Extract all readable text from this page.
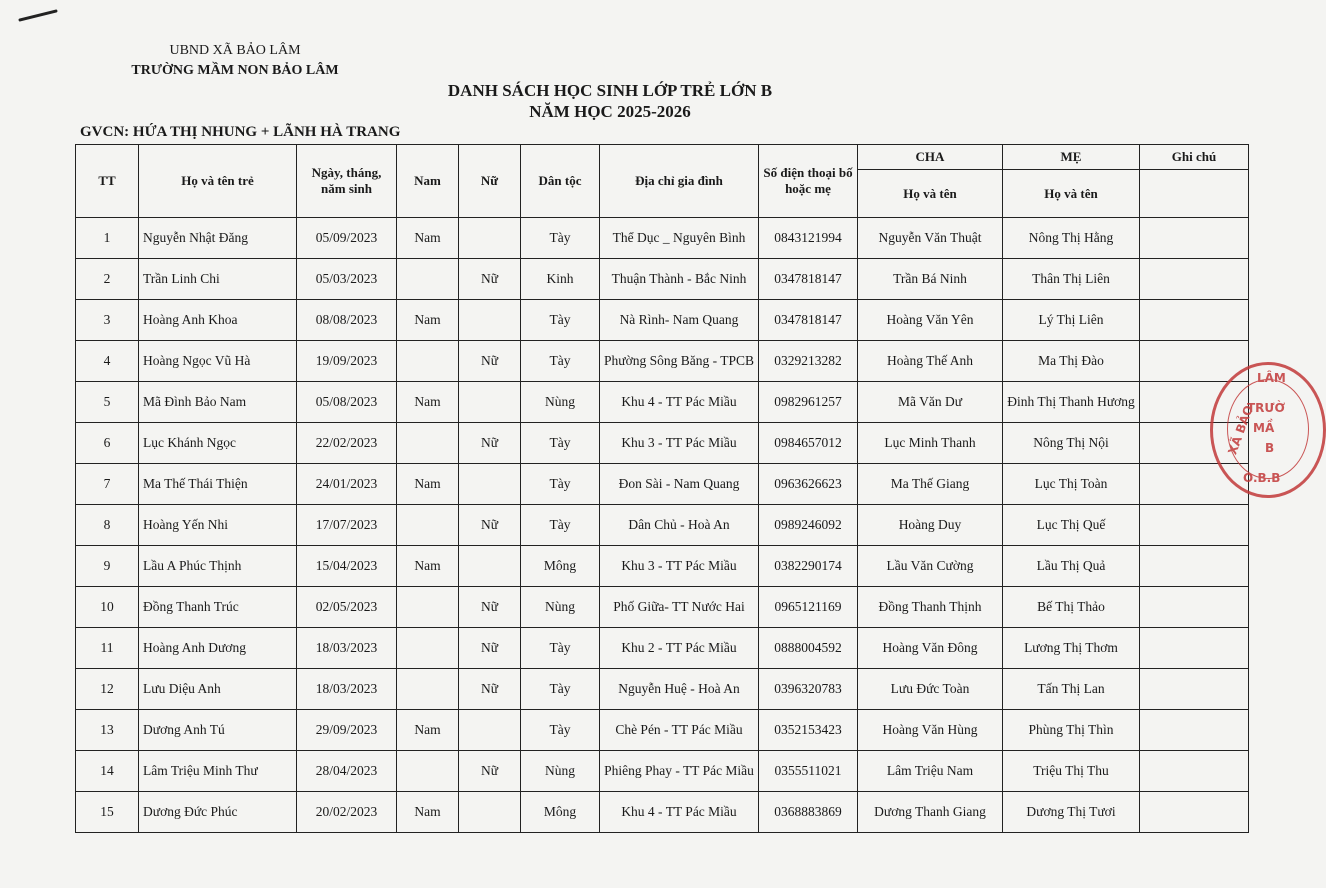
UBND XÃ BẢO LÂM
TRƯỜNG MẦM NON BẢO LÂM
DANH SÁCH HỌC SINH LỚP TRẺ LỚN B
NĂM HỌC 2025-2026
GVCN: HỨA THỊ NHUNG + LÃNH HÀ TRANG
TT	Họ và tên trẻ	Ngày, tháng, năm sinh	Nam	Nữ	Dân tộc	Địa chỉ gia đình	Số điện thoại bố hoặc mẹ	CHA	MẸ	Ghi chú
								Họ và tên	Họ và tên	
1	Nguyễn Nhật Đăng	05/09/2023	Nam		Tày	Thể Dục _ Nguyên Bình	0843121994	Nguyễn Văn Thuật	Nông Thị Hằng	
2	Trần Linh Chi	05/03/2023		Nữ	Kinh	Thuận Thành - Bắc Ninh	0347818147	Trần Bá Ninh	Thân Thị Liên	
3	Hoàng Anh Khoa	08/08/2023	Nam		Tày	Nà Rình- Nam Quang	0347818147	Hoàng Văn Yên	Lý Thị Liên	
4	Hoàng Ngọc Vũ Hà	19/09/2023		Nữ	Tày	Phường Sông Băng - TPCB	0329213282	Hoàng Thế Anh	Ma Thị Đào	
5	Mã Đình Bảo Nam	05/08/2023	Nam		Nùng	Khu 4 - TT Pác Miầu	0982961257	Mã Văn Dư	Đinh Thị Thanh Hương	
6	Lục Khánh Ngọc	22/02/2023		Nữ	Tày	Khu 3 - TT Pác Miầu	0984657012	Lục Minh Thanh	Nông Thị Nội	
7	Ma Thế Thái Thiện	24/01/2023	Nam		Tày	Đon Sài - Nam Quang	0963626623	Ma Thế Giang	Lục Thị Toàn	
8	Hoàng Yến Nhi	17/07/2023		Nữ	Tày	Dân Chủ - Hoà An	0989246092	Hoàng Duy	Lục Thị Quế	
9	Lầu A Phúc Thịnh	15/04/2023	Nam		Mông	Khu 3 - TT Pác Miầu	0382290174	Lầu Văn Cường	Lầu Thị Quả	
10	Đồng Thanh Trúc	02/05/2023		Nữ	Nùng	Phố Giữa- TT Nước Hai	0965121169	Đồng Thanh Thịnh	Bế Thị Thảo	
11	Hoàng Anh Dương	18/03/2023		Nữ	Tày	Khu 2 - TT Pác Miầu	0888004592	Hoàng Văn Đông	Lương Thị Thơm	
12	Lưu Diệu Anh	18/03/2023		Nữ	Tày	Nguyễn Huệ - Hoà An	0396320783	Lưu Đức Toàn	Tấn Thị Lan	
13	Dương Anh Tú	29/09/2023	Nam		Tày	Chè Pén - TT Pác Miầu	0352153423	Hoàng Văn Hùng	Phùng Thị Thìn	
14	Lâm Triệu Minh Thư	28/04/2023		Nữ	Nùng	Phiêng Phay - TT Pác Miầu	0355511021	Lâm Triệu Nam	Triệu Thị Thu	
15	Dương Đức Phúc	20/02/2023	Nam		Mông	Khu 4 - TT Pác Miầu	0368883869	Dương Thanh Giang	Dương Thị Tươi	
LÂM
TRƯỜ
MẦ
B
XÃ BẢO
O.B.B
